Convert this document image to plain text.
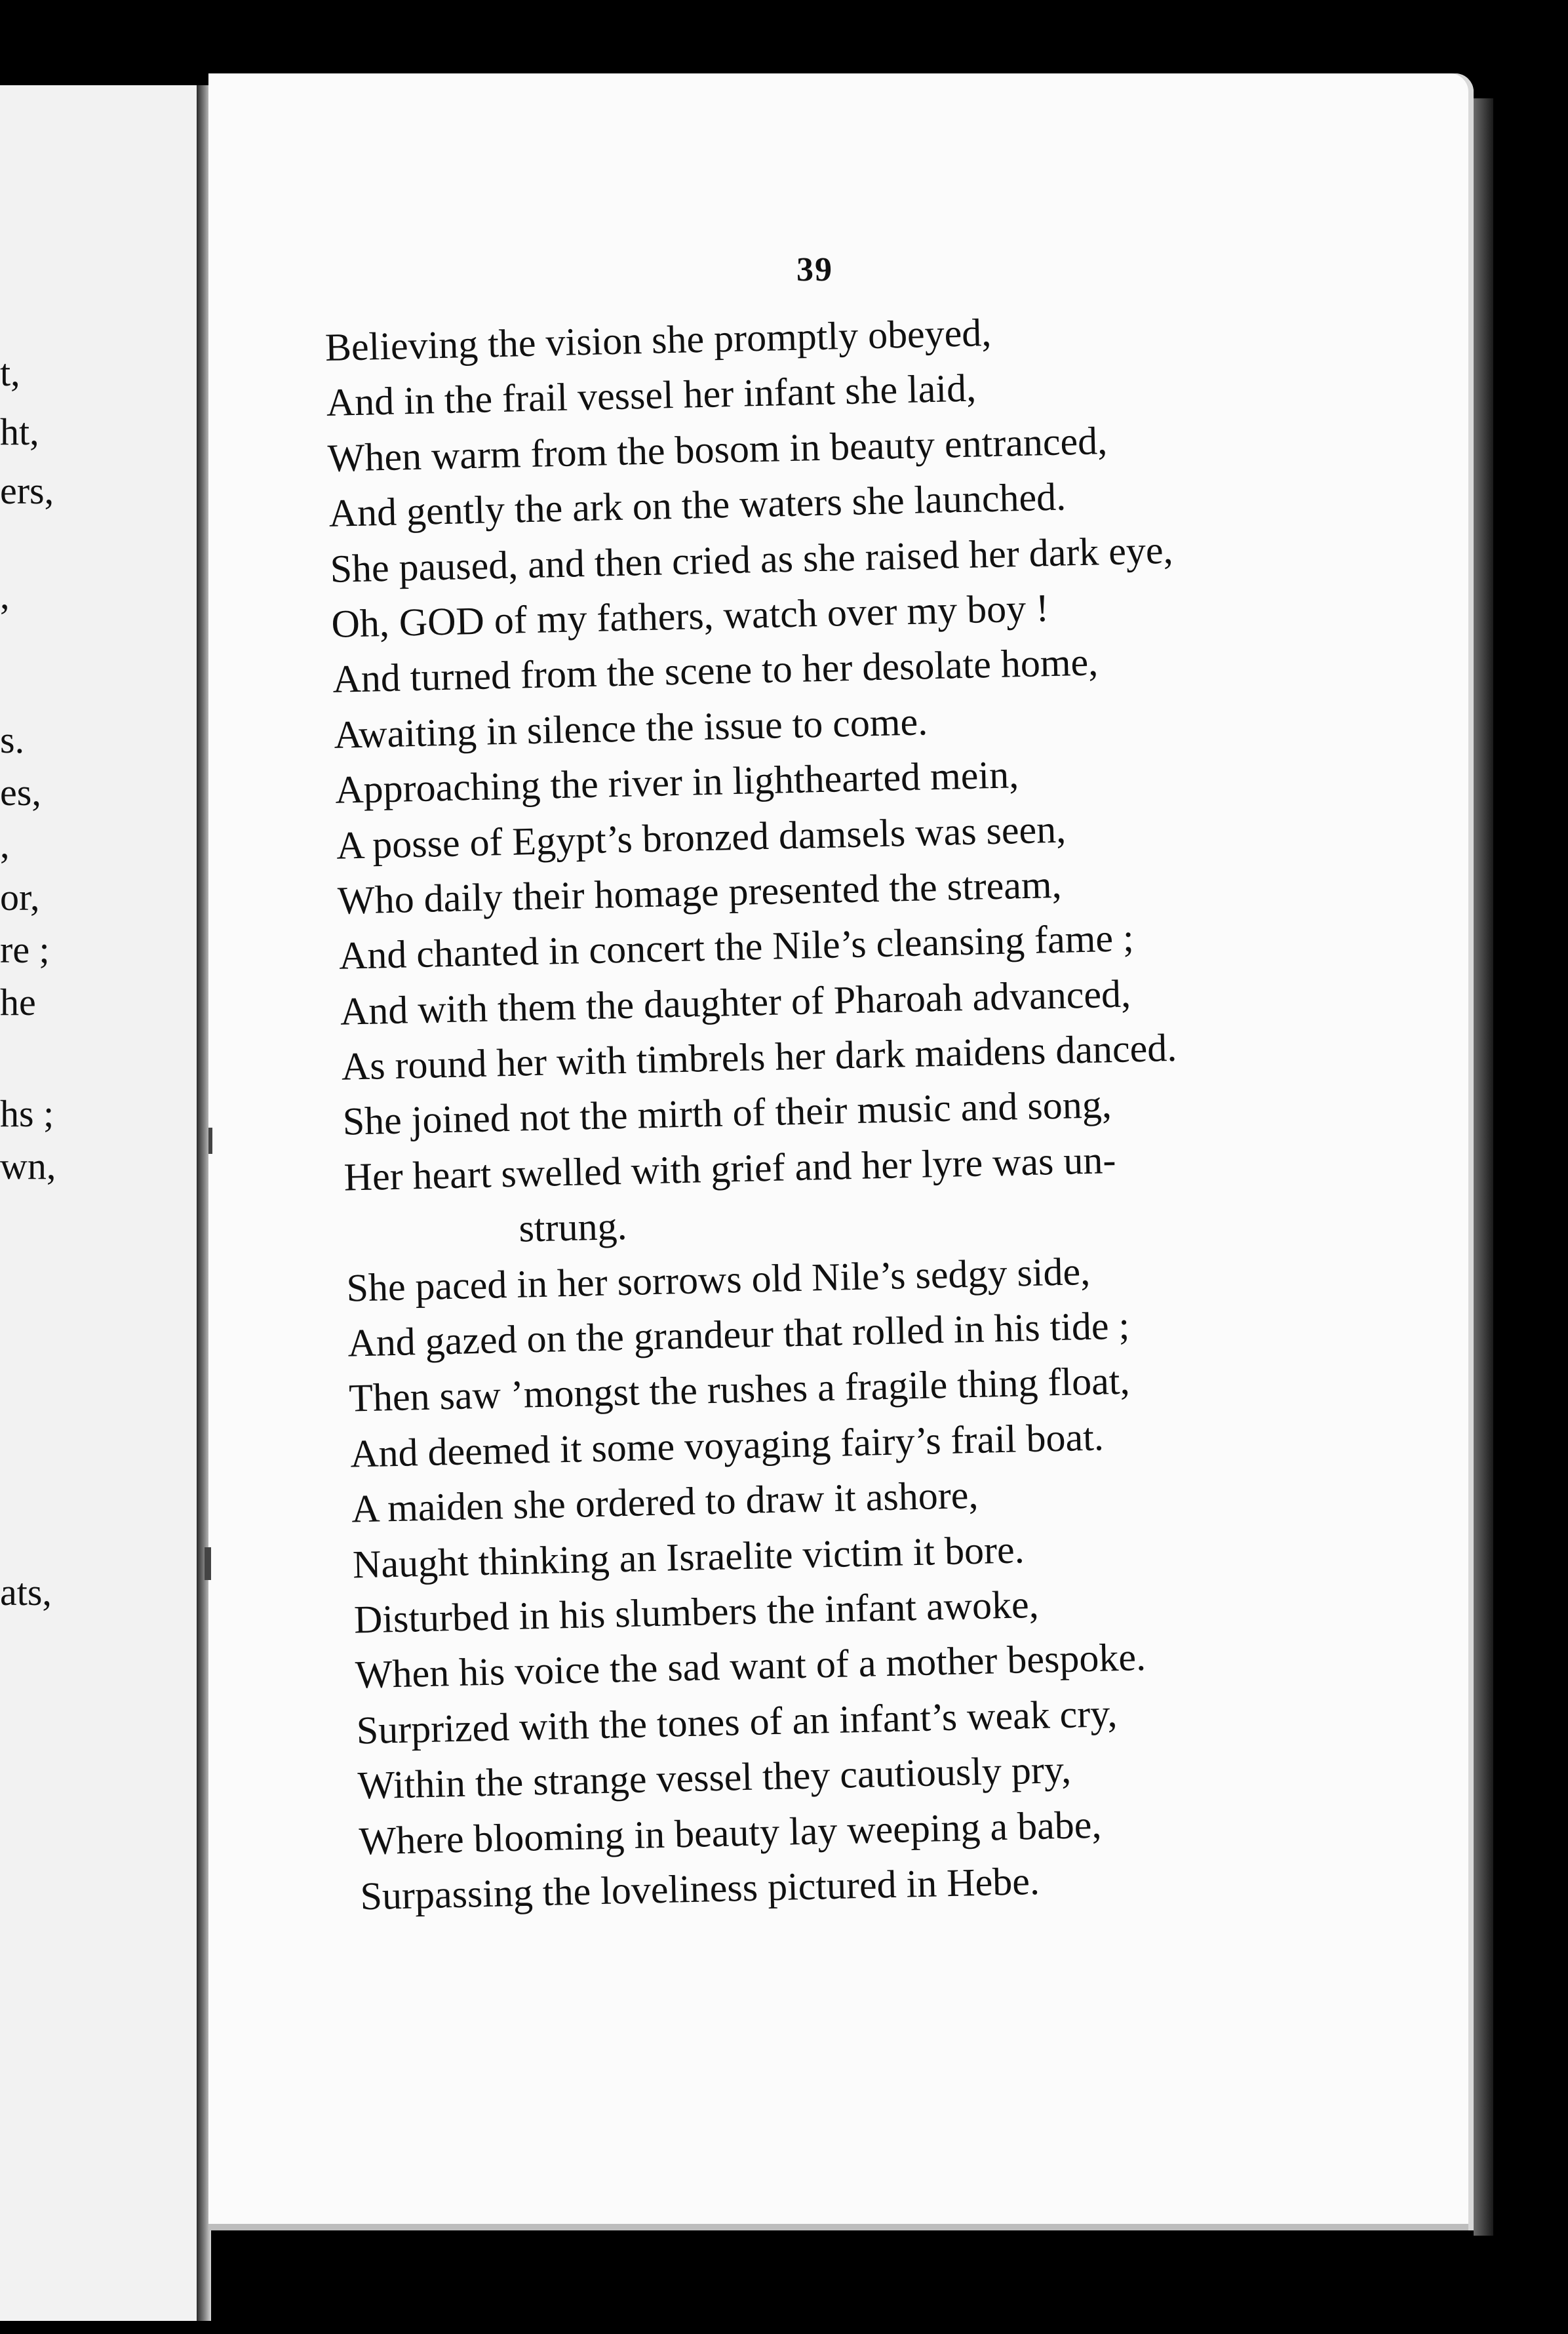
t,
ht,
ers,
,
s.
es,
,
or,
re ;
he
hs ;
wn,
ats,
39
Believing the vision she promptly obeyed,
And in the frail vessel her infant she laid,
When warm from the bosom in beauty entranced,
And gently the ark on the waters she launched.
She paused, and then cried as she raised her dark eye,
Oh, GOD of my fathers, watch over my boy !
And turned from the scene to her desolate home,
Awaiting in silence the issue to come.
Approaching the river in lighthearted mein,
A posse of Egypt’s bronzed damsels was seen,
Who daily their homage presented the stream,
And chanted in concert the Nile’s cleansing fame ;
And with them the daughter of Pharoah advanced,
As round her with timbrels her dark maidens danced.
She joined not the mirth of their music and song,
Her heart swelled with grief and her lyre was un-
strung.
She paced in her sorrows old Nile’s sedgy side,
And gazed on the grandeur that rolled in his tide ;
Then saw ’mongst the rushes a fragile thing float,
And deemed it some voyaging fairy’s frail boat.
A maiden she ordered to draw it ashore,
Naught thinking an Israelite victim it bore.
Disturbed in his slumbers the infant awoke,
When his voice the sad want of a mother bespoke.
Surprized with the tones of an infant’s weak cry,
Within the strange vessel they cautiously pry,
Where blooming in beauty lay weeping a babe,
Surpassing the loveliness pictured in Hebe.
